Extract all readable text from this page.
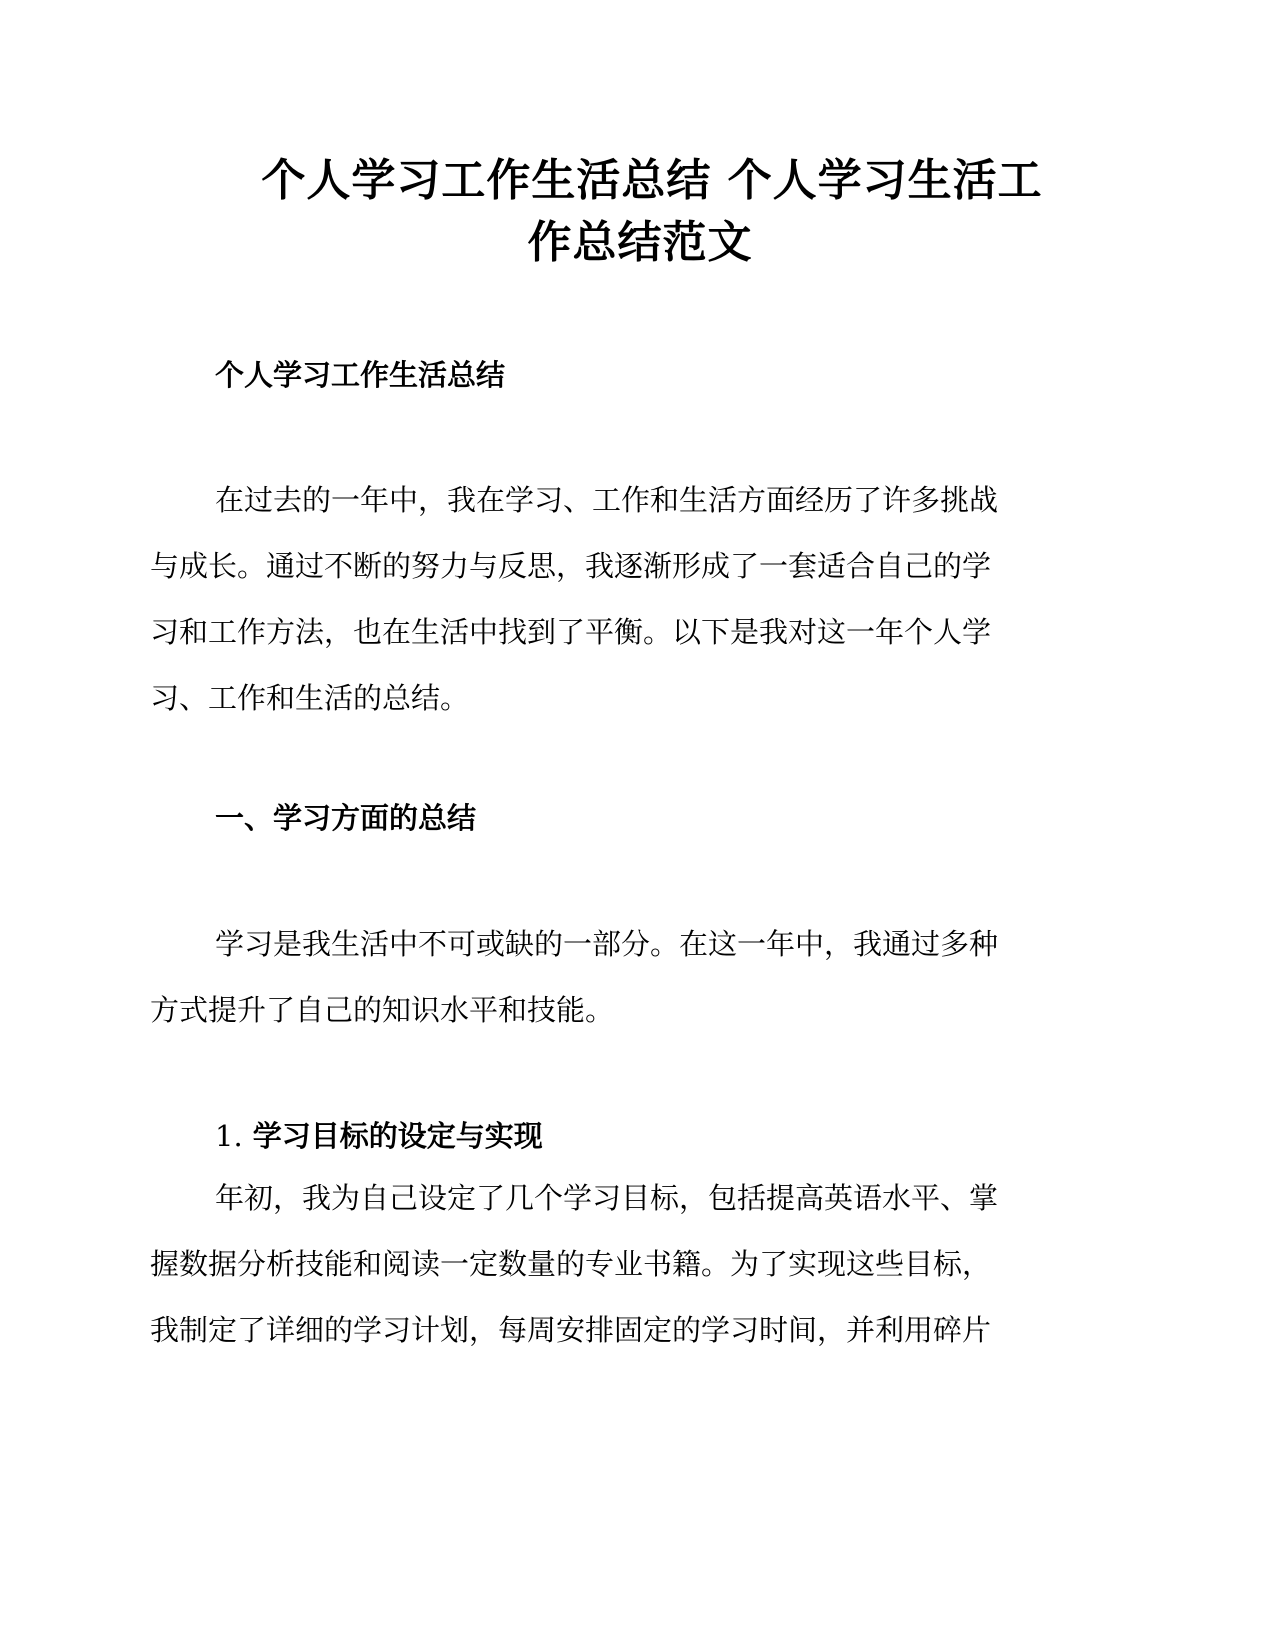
个人学习工作生活总结 个人学习生活工
作总结范文
个人学习工作生活总结
在过去的一年中，我在学习、工作和生活方面经历了许多挑战
与成长。通过不断的努力与反思，我逐渐形成了一套适合自己的学
习和工作方法，也在生活中找到了平衡。以下是我对这一年个人学
习、工作和生活的总结。
一、学习方面的总结
学习是我生活中不可或缺的一部分。在这一年中，我通过多种
方式提升了自己的知识水平和技能。
1. 学习目标的设定与实现
年初，我为自己设定了几个学习目标，包括提高英语水平、掌
握数据分析技能和阅读一定数量的专业书籍。为了实现这些目标，
我制定了详细的学习计划，每周安排固定的学习时间，并利用碎片
